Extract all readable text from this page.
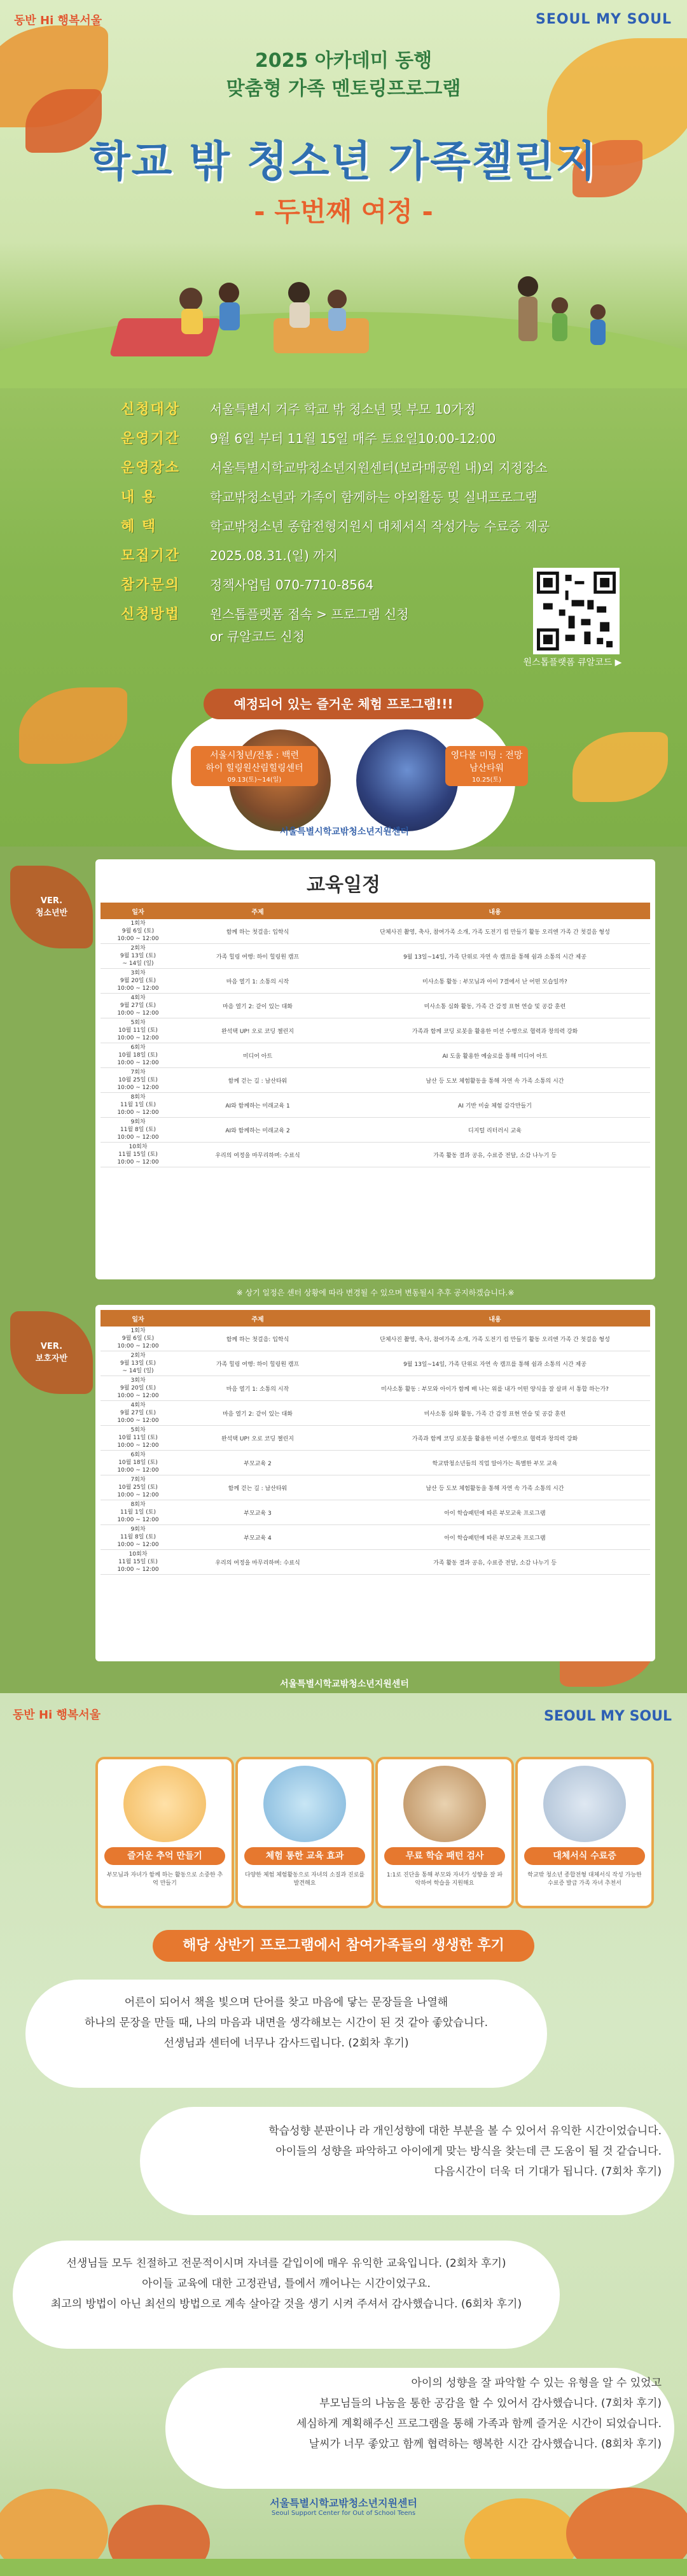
동반 Hi 행복서울	SEOUL MY SOUL
2025 아카데미 동행
맞춤형 가족 멘토링프로그램
학교 밖 청소년 가족챌린지
- 두번째 여정 -
신청대상	서울특별시 거주 학교 밖 청소년 및 부모 10가정
운영기간	9월 6일 부터 11월 15일 매주 토요일10:00-12:00
운영장소	서울특별시학교밖청소년지원센터(보라매공원 내)외 지정장소
내 용	학교밖청소년과 가족이 함께하는 야외활동 및 실내프로그램
혜 택	학교밖청소년 종합전형지원시 대체서식 작성가능 수료증 제공
모집기간	2025.08.31.(일) 까지
참가문의	정책사업팀 070-7710-8564
신청방법	원스톱플랫폼 접속 > 프로그램 신청
or 큐알코드 신청
원스톱플랫폼 큐알코드 ▶
예정되어 있는 즐거운 체험 프로그램!!!
서울시청년/전통 : 백련
하이 힐링원산림힐링센터
09.13(토)~14(일)
영다볼 미팅 : 전망
남산타워
10.25(토)
서울특별시학교밖청소년지원센터
교육일정
VER.
청소년반	일자	주제	내용
1회차
9월 6일 (토)
10:00 ~ 12:00	함께 하는 첫걸음: 입학식	단체사진 촬영, 축사, 참여가족 소개, 가족 도전기 컵 만들기 활동 오리엔 가족 간 첫걸음 형성
2회차
9월 13일 (토)
~ 14일 (일)	가족 힐링 여행: 하이 힐링원 캠프	9월 13일~14일, 가족 단위로 자연 속 캠프를 통해 쉼과 소통의 시간 제공
3회차
9월 20일 (토)
10:00 ~ 12:00	마음 열기 1: 소통의 시작	미사소통 활동 : 부모님과 아이 7결에서 난 어떤 모습일까?
4회차
9월 27일 (토)
10:00 ~ 12:00	마음 열기 2: 같이 있는 대화	미사소통 심화 활동, 가족 간 감정 표현 연습 및 공감 훈련
5회차
10월 11일 (토)
10:00 ~ 12:00	완석택 UP! 오로 코딩 챌린지	가족과 함께 코딩 로봇을 활용한 미션 수행으로 협력과 창의력 강화
6회차
10월 18일 (토)
10:00 ~ 12:00	미디어 아트	AI 도움 활용한 예술로를 통해 미디어 아트
7회차
10월 25일 (토)
10:00 ~ 12:00	함께 걷는 길 : 남산타워	남산 등 도보 체험활동을 통해 자연 속 가족 소통의 시간
8회차
11월 1일 (토)
10:00 ~ 12:00	AI와 함께하는 미래교육 1	AI 기반 미술 체험 감각만들기
9회차
11월 8일 (토)
10:00 ~ 12:00	AI와 함께하는 미래교육 2	디지털 리터러시 교육
10회차
11월 15일 (토)
10:00 ~ 12:00	우리의 여정을 마무리하며: 수료식	가족 활동 결과 공유, 수료증 전달, 소감 나누기 등
※ 상기 일정은 센터 상황에 따라 변경될 수 있으며 변동될시 추후 공지하겠습니다.※
VER.
보호자반
일자	주제	내용
1회차
9월 6일 (토)
10:00 ~ 12:00	함께 하는 첫걸음: 입학식	단체사진 촬영, 축사, 참여가족 소개, 가족 도전기 컵 만들기 활동 오리엔 가족 간 첫걸음 형성
2회차
9월 13일 (토)
~ 14일 (일)	가족 힐링 여행: 하이 힐링원 캠프	9월 13일~14일, 가족 단위로 자연 속 캠프를 통해 쉼과 소통의 시간 제공
3회차
9월 20일 (토)
10:00 ~ 12:00	마음 열기 1: 소통의 시작	미사소통 활동 : 부모와 아이가 함께 배 나는 위를 내가 어떤 양식을 잘 살펴 서 통합 하는가?
4회차
9월 27일 (토)
10:00 ~ 12:00	마음 열기 2: 같이 있는 대화	미사소통 심화 활동, 가족 간 감정 표현 연습 및 공감 훈련
5회차
10월 11일 (토)
10:00 ~ 12:00	완석택 UP! 오로 코딩 챌린지	가족과 함께 코딩 로봇을 활용한 미션 수행으로 협력과 창의력 강화
6회차
10월 18일 (토)
10:00 ~ 12:00	부모교육 2	학교밖청소년들의 직업 알아가는 특별한 부모 교육
7회차
10월 25일 (토)
10:00 ~ 12:00	함께 걷는 길 : 남산타워	남산 등 도보 체험활동을 통해 자연 속 가족 소통의 시간
8회차
11월 1일 (토)
10:00 ~ 12:00	부모교육 3	아이 학습패턴에 따른 부모교육 프로그램
9회차
11월 8일 (토)
10:00 ~ 12:00	부모교육 4	아이 학습패턴에 따른 부모교육 프로그램
10회차
11월 15일 (토)
10:00 ~ 12:00	우리의 여정을 마무리하며: 수료식	가족 활동 결과 공유, 수료증 전달, 소감 나누기 등
서울특별시학교밖청소년지원센터
동반 Hi 행복서울	SEOUL MY SOUL
즐거운 추억 만들기
부모님과 자녀가 함께 하는 활동으로 소중한 추억 만들기
체험 통한 교육 효과
다양한 체험 체험활동으로 자녀의 소질과 진로를 발견해요
무료 학습 패턴 검사
1:1로 진단을 통해 부모와 자녀가 성향을 잘 파악하여 학습을 지원해요
대체서식 수료증
학교밖 청소년 종합전형 대체서식 작성 가능한 수료증 발급 가족 자녀 추천서
해당 상반기 프로그램에서 참여가족들의 생생한 후기
어른이 되어서 책을 빛으며 단어를 찾고 마음에 닿는 문장들을 나열해
하나의 문장을 만들 때, 나의 마음과 내면을 생각해보는 시간이 된 것 같아 좋았습니다.
선생님과 센터에 너무나 감사드립니다. (2회차 후기)
학습성향 분판이나 라 개인성향에 대한 부분을 볼 수 있어서 유익한 시간이었습니다.
아이들의 성향을 파악하고 아이에게 맞는 방식을 찾는데 큰 도움이 될 것 같습니다.
다음시간이 더욱 더 기대가 됩니다. (7회차 후기)
선생님들 모두 친절하고 전문적이시며 자녀를 같입이에 매우 유익한 교육입니다. (2회차 후기)
아이들 교육에 대한 고정관념, 틀에서 깨어나는 시간이었구요.
최고의 방법이 아닌 최선의 방법으로 계속 살아갈 것을 생기 시켜 주셔서 감사했습니다. (6회차 후기)
아이의 성향을 잘 파악할 수 있는 유형을 알 수 있었고
부모님들의 나눔을 통한 공감을 할 수 있어서 감사했습니다. (7회차 후기)
세심하게 계획해주신 프로그램을 통해 가족과 함께 즐거운 시간이 되었습니다.
날씨가 너무 좋았고 함께 협력하는 행복한 시간 감사했습니다. (8회차 후기)
서울특별시학교밖청소년지원센터
Seoul Support Center for Out of School Teens
